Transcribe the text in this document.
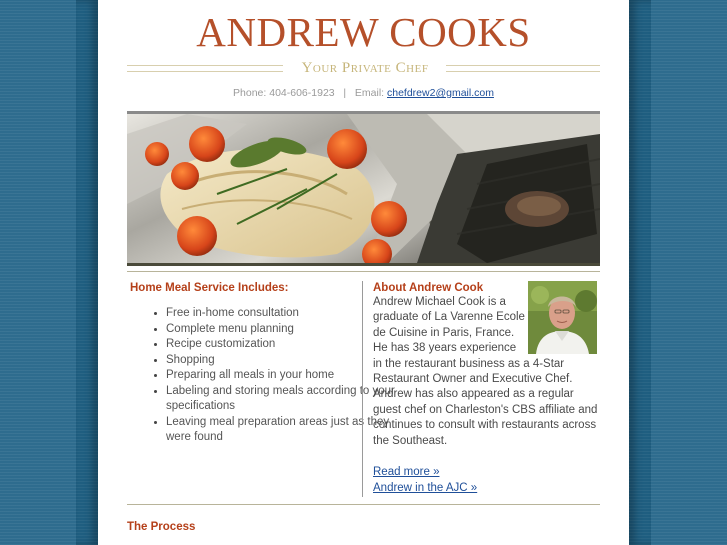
ANDREW COOKS
Your Private Chef
Phone: 404-606-1923 | Email: chefdrew2@gmail.com
Home Meal Service Includes:
• Free in-home consultation
• Complete menu planning
• Recipe customization
• Shopping
• Preparing all meals in your home
• Labeling and storing meals according to your specifications
• Leaving meal preparation areas just as they were found
About Andrew Cook
Andrew Michael Cook is a
graduate of La Varenne Ecole
de Cuisine in Paris, France.
He has 38 years experience
in the restaurant business as a 4-Star
Restaurant Owner and Executive Chef.
Andrew has also appeared as a regular
guest chef on Charleston's CBS affiliate and
continues to consult with restaurants across
the Southeast.
Read more »
Andrew in the AJC »
The Process
